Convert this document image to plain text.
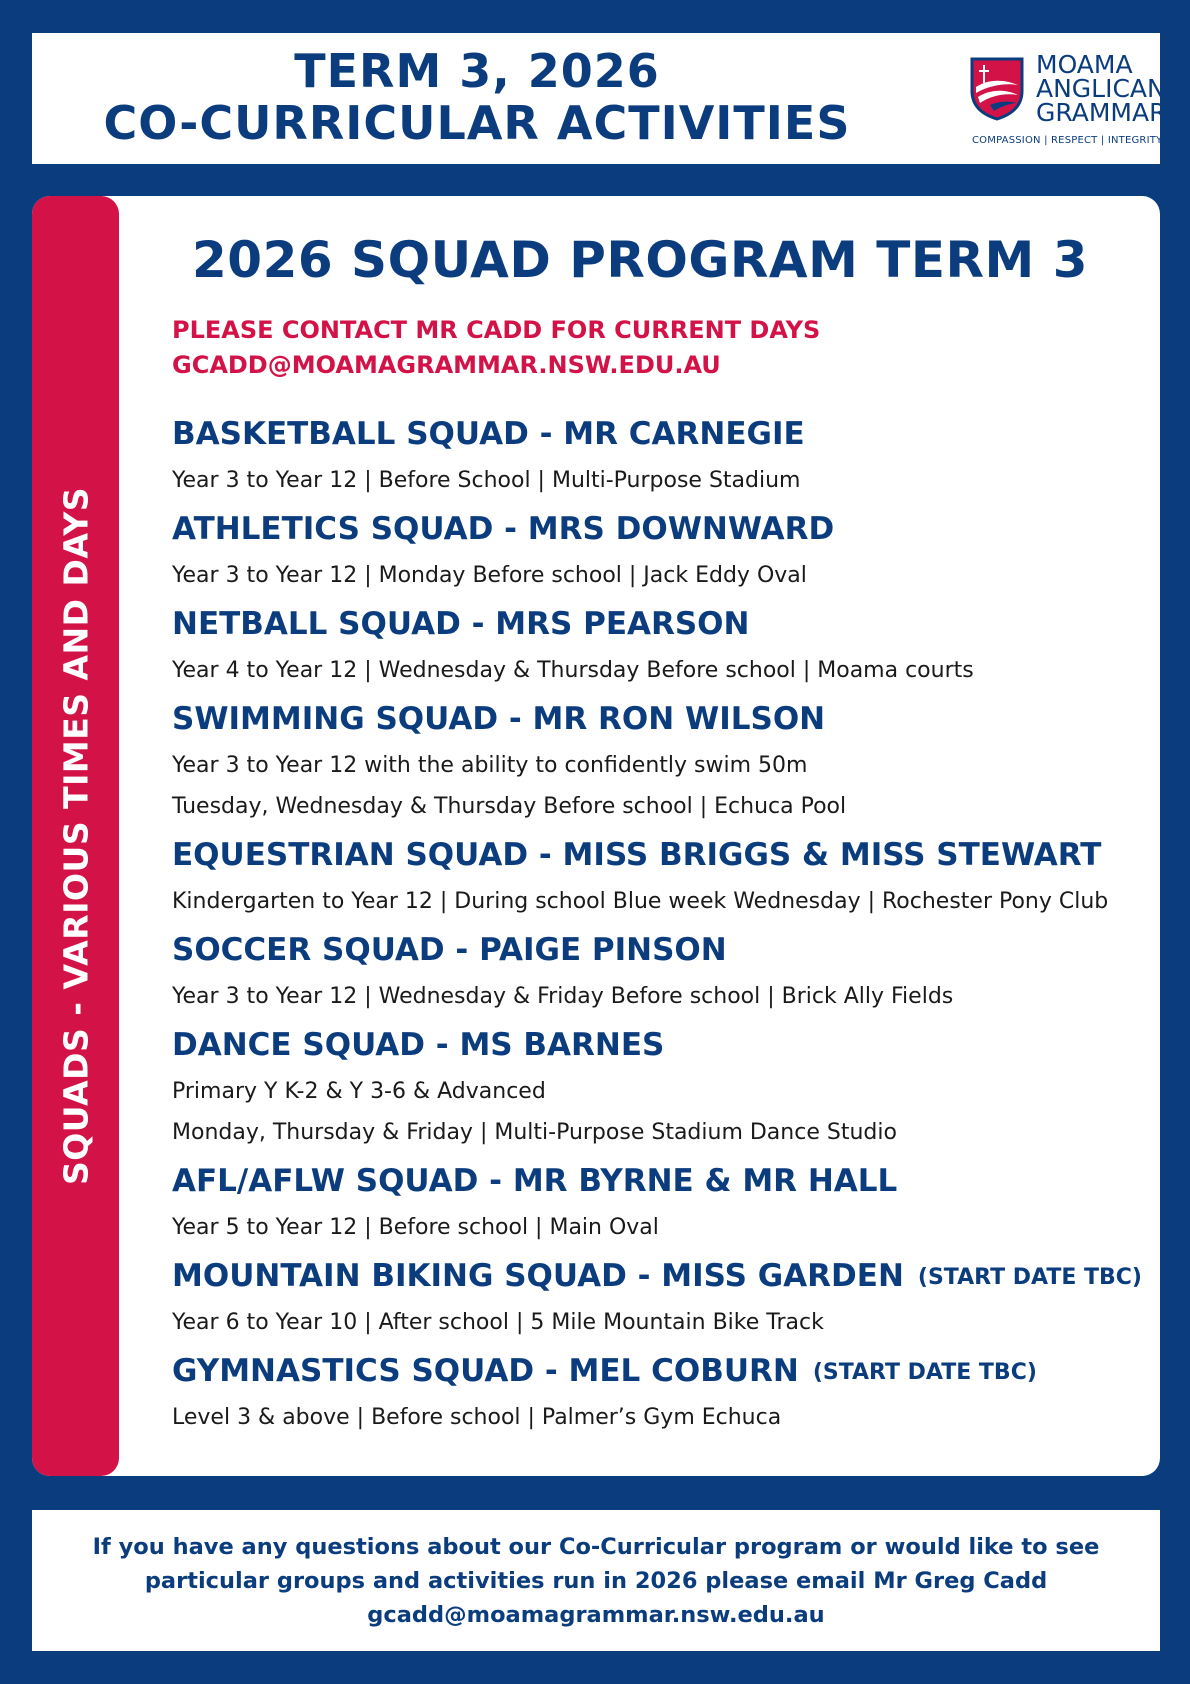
TERM 3, 2026
CO-CURRICULAR ACTIVITIES
MOAMA
ANGLICAN
GRAMMAR
COMPASSION | RESPECT | INTEGRITY
SQUADS - VARIOUS TIMES AND DAYS
2026 SQUAD PROGRAM TERM 3
PLEASE CONTACT MR CADD FOR CURRENT DAYS
GCADD@MOAMAGRAMMAR.NSW.EDU.AU
BASKETBALL SQUAD - MR CARNEGIE
Year 3 to Year 12 | Before School | Multi-Purpose Stadium
ATHLETICS SQUAD - MRS DOWNWARD
Year 3 to Year 12 | Monday Before school | Jack Eddy Oval
NETBALL SQUAD - MRS PEARSON
Year 4 to Year 12 | Wednesday & Thursday Before school | Moama courts
SWIMMING SQUAD - MR RON WILSON
Year 3 to Year 12 with the ability to confidently swim 50m
Tuesday, Wednesday & Thursday Before school | Echuca Pool
EQUESTRIAN SQUAD - MISS BRIGGS & MISS STEWART
Kindergarten to Year 12 | During school Blue week Wednesday | Rochester Pony Club
SOCCER SQUAD - PAIGE PINSON
Year 3 to Year 12 | Wednesday & Friday Before school | Brick Ally Fields
DANCE SQUAD - MS BARNES
Primary Y K-2 & Y 3-6 & Advanced
Monday, Thursday & Friday | Multi-Purpose Stadium Dance Studio
AFL/AFLW SQUAD - MR BYRNE & MR HALL
Year 5 to Year 12 | Before school | Main Oval
MOUNTAIN BIKING SQUAD - MISS GARDEN (START DATE TBC)
Year 6 to Year 10 | After school | 5 Mile Mountain Bike Track
GYMNASTICS SQUAD - MEL COBURN (START DATE TBC)
Level 3 & above | Before school | Palmer’s Gym Echuca
If you have any questions about our Co-Curricular program or would like to see
particular groups and activities run in 2026 please email Mr Greg Cadd
gcadd@moamagrammar.nsw.edu.au
